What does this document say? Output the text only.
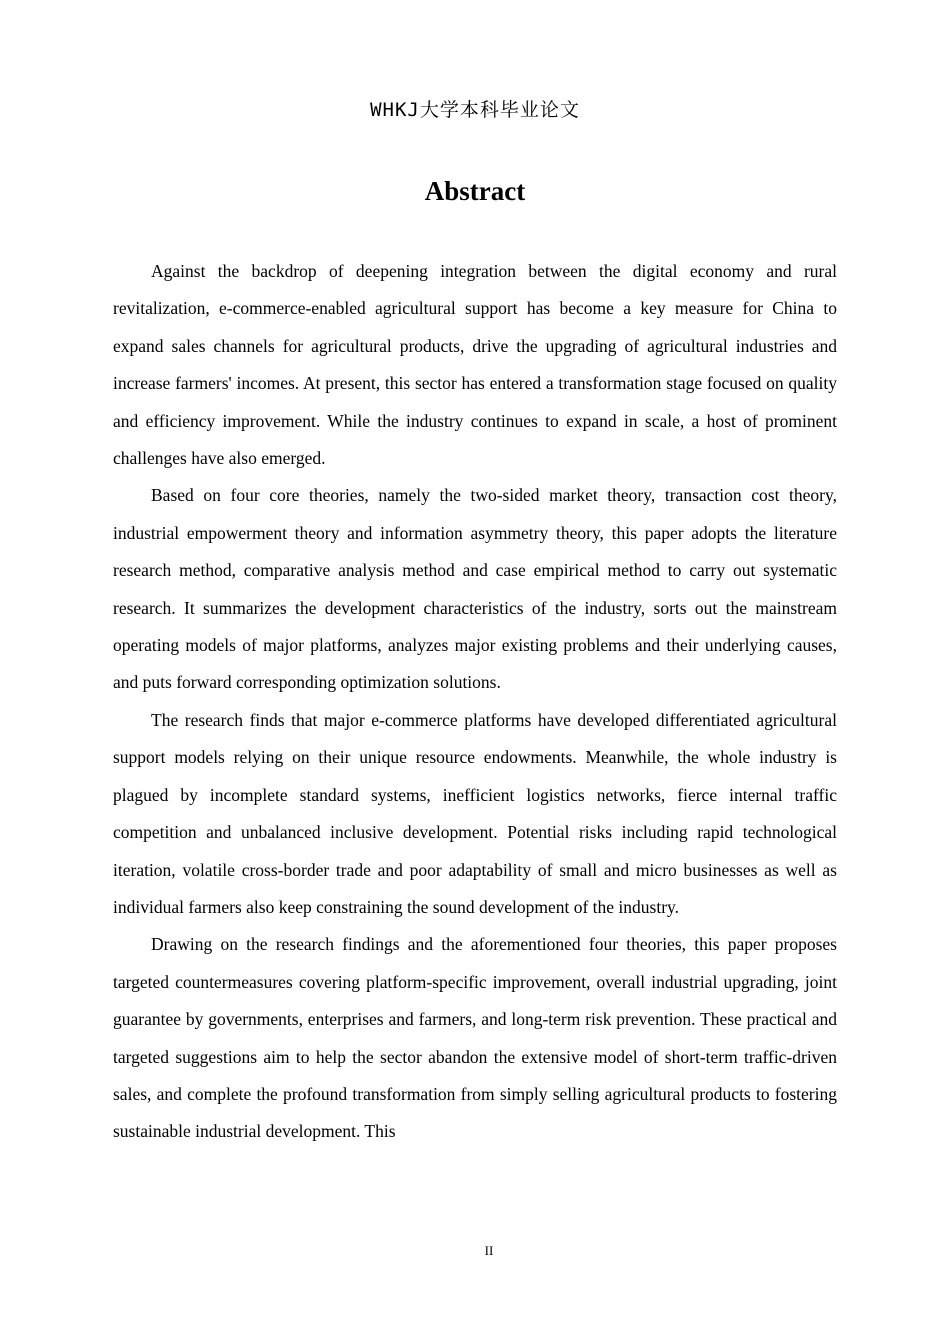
WHKJ大学本科毕业论文
Abstract

Against the backdrop of deepening integration between the digital economy and rural revitalization, e-commerce-enabled agricultural support has become a key measure for China to expand sales channels for agricultural products, drive the upgrading of agricultural industries and increase farmers' incomes. At present, this sector has entered a transformation stage focused on quality and efficiency improvement. While the industry continues to expand in scale, a host of prominent challenges have also emerged.

Based on four core theories, namely the two-sided market theory, transaction cost theory, industrial empowerment theory and information asymmetry theory, this paper adopts the literature research method, comparative analysis method and case empirical method to carry out systematic research. It summarizes the development characteristics of the industry, sorts out the mainstream operating models of major platforms, analyzes major existing problems and their underlying causes, and puts forward corresponding optimization solutions.

The research finds that major e-commerce platforms have developed differentiated agricultural support models relying on their unique resource endowments. Meanwhile, the whole industry is plagued by incomplete standard systems, inefficient logistics networks, fierce internal traffic competition and unbalanced inclusive development. Potential risks including rapid technological iteration, volatile cross-border trade and poor adaptability of small and micro businesses as well as individual farmers also keep constraining the sound development of the industry.

Drawing on the research findings and the aforementioned four theories, this paper proposes targeted countermeasures covering platform-specific improvement, overall industrial upgrading, joint guarantee by governments, enterprises and farmers, and long-term risk prevention. These practical and targeted suggestions aim to help the sector abandon the extensive model of short-term traffic-driven sales, and complete the profound transformation from simply selling agricultural products to fostering sustainable industrial development. This

II
